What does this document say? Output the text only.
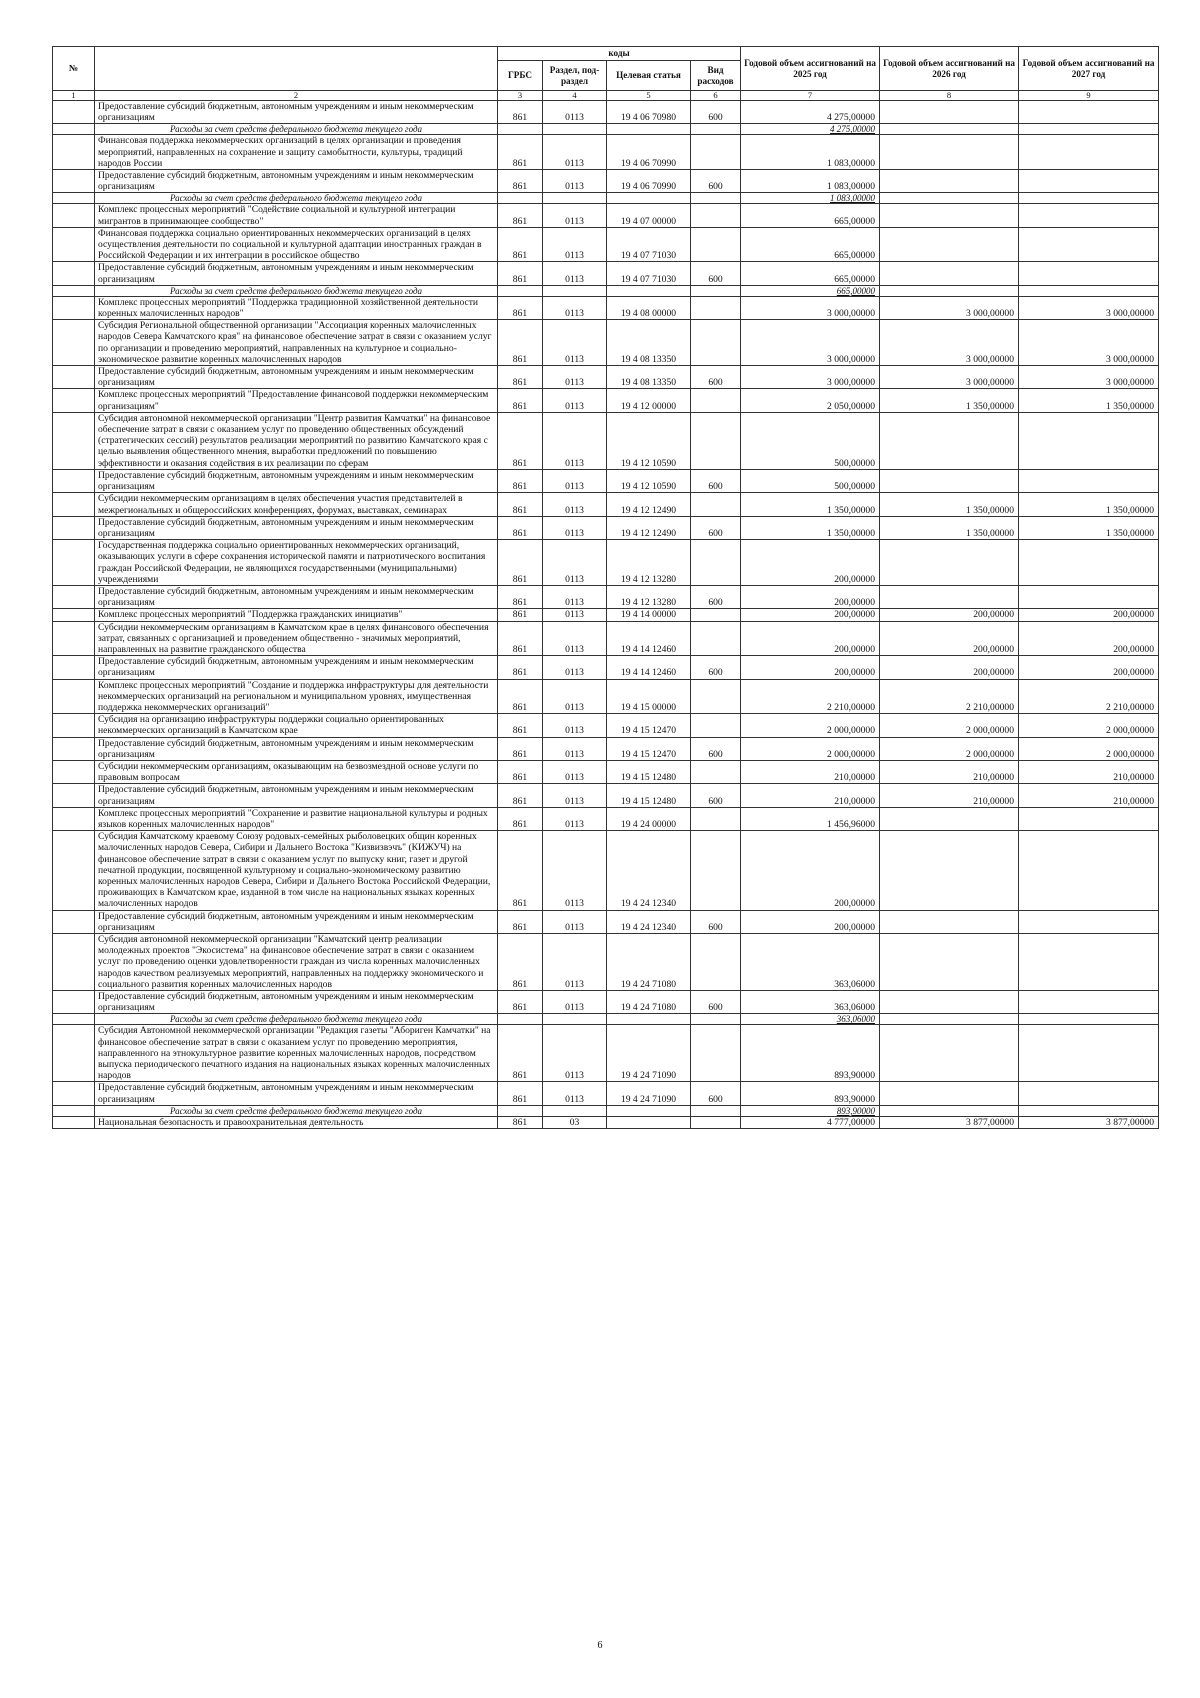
№		коды				Годовой объем ассигнований на 2025 год	Годовой объем ассигнований на 2026 год	Годовой объем ассигнований на 2027 год
		ГРБС	Раздел, под-раздел	Целевая статья	Вид расходов			
1	2	3	4	5	6	7	8	9
	Предоставление субсидий бюджетным, автономным учреждениям и иным некоммерческим организациям	861	0113	19 4 06 70980	600	4 275,00000		
	Расходы за счет средств федерального бюджета текущего года					4 275,00000		
	Финансовая поддержка некоммерческих организаций в целях организации и проведения мероприятий, направленных на сохранение и защиту самобытности, культуры, традиций народов России	861	0113	19 4 06 70990		1 083,00000		
	Предоставление субсидий бюджетным, автономным учреждениям и иным некоммерческим организациям	861	0113	19 4 06 70990	600	1 083,00000		
	Расходы за счет средств федерального бюджета текущего года					1 083,00000		
	Комплекс процессных мероприятий "Содействие социальной и культурной интеграции мигрантов в принимающее сообщество"	861	0113	19 4 07 00000		665,00000		
	Финансовая поддержка социально ориентированных некоммерческих организаций в целях осуществления деятельности по социальной и культурной адаптации иностранных граждан в Российской Федерации и их интеграции в российское общество	861	0113	19 4 07 71030		665,00000		
	Предоставление субсидий бюджетным, автономным учреждениям и иным некоммерческим организациям	861	0113	19 4 07 71030	600	665,00000		
	Расходы за счет средств федерального бюджета текущего года					665,00000		
	Комплекс процессных мероприятий "Поддержка традиционной хозяйственной деятельности коренных малочисленных народов"	861	0113	19 4 08 00000		3 000,00000	3 000,00000	3 000,00000
	Субсидия Региональной общественной организации "Ассоциация коренных малочисленных народов Севера Камчатского края" на финансовое обеспечение затрат в связи с оказанием услуг по организации и проведению мероприятий, направленных на культурное и социально-экономическое развитие коренных малочисленных народов	861	0113	19 4 08 13350		3 000,00000	3 000,00000	3 000,00000
	Предоставление субсидий бюджетным, автономным учреждениям и иным некоммерческим организациям	861	0113	19 4 08 13350	600	3 000,00000	3 000,00000	3 000,00000
	Комплекс процессных мероприятий "Предоставление финансовой поддержки некоммерческим организациям"	861	0113	19 4 12 00000		2 050,00000	1 350,00000	1 350,00000
	Субсидия автономной некоммерческой организации "Центр развития Камчатки" на финансовое обеспечение затрат в связи с оказанием услуг по проведению общественных обсуждений (стратегических сессий) результатов реализации мероприятий по развитию Камчатского края с целью выявления общественного мнения, выработки предложений по повышению эффективности и оказания содействия в их реализации по сферам	861	0113	19 4 12 10590		500,00000		
	Предоставление субсидий бюджетным, автономным учреждениям и иным некоммерческим организациям	861	0113	19 4 12 10590	600	500,00000		
	Субсидии некоммерческим организациям в целях обеспечения участия представителей в межрегиональных и общероссийских конференциях, форумах, выставках, семинарах	861	0113	19 4 12 12490		1 350,00000	1 350,00000	1 350,00000
	Предоставление субсидий бюджетным, автономным учреждениям и иным некоммерческим организациям	861	0113	19 4 12 12490	600	1 350,00000	1 350,00000	1 350,00000
	Государственная поддержка социально ориентированных некоммерческих организаций, оказывающих услуги в сфере сохранения исторической памяти и патриотического воспитания граждан Российской Федерации, не являющихся государственными (муниципальными) учреждениями	861	0113	19 4 12 13280		200,00000		
	Предоставление субсидий бюджетным, автономным учреждениям и иным некоммерческим организациям	861	0113	19 4 12 13280	600	200,00000		
	Комплекс процессных мероприятий "Поддержка гражданских инициатив"	861	0113	19 4 14 00000		200,00000	200,00000	200,00000
	Субсидии некоммерческим организациям в Камчатском крае в целях финансового обеспечения затрат, связанных с организацией и проведением общественно - значимых мероприятий, направленных на развитие гражданского общества	861	0113	19 4 14 12460		200,00000	200,00000	200,00000
	Предоставление субсидий бюджетным, автономным учреждениям и иным некоммерческим организациям	861	0113	19 4 14 12460	600	200,00000	200,00000	200,00000
	Комплекс процессных мероприятий "Создание и поддержка инфраструктуры для деятельности некоммерческих организаций на региональном и муниципальном уровнях, имущественная поддержка некоммерческих организаций"	861	0113	19 4 15 00000		2 210,00000	2 210,00000	2 210,00000
	Субсидия на организацию инфраструктуры поддержки социально ориентированных некоммерческих организаций в Камчатском крае	861	0113	19 4 15 12470		2 000,00000	2 000,00000	2 000,00000
	Предоставление субсидий бюджетным, автономным учреждениям и иным некоммерческим организациям	861	0113	19 4 15 12470	600	2 000,00000	2 000,00000	2 000,00000
	Субсидии некоммерческим организациям, оказывающим на безвозмездной основе услуги по правовым вопросам	861	0113	19 4 15 12480		210,00000	210,00000	210,00000
	Предоставление субсидий бюджетным, автономным учреждениям и иным некоммерческим организациям	861	0113	19 4 15 12480	600	210,00000	210,00000	210,00000
	Комплекс процессных мероприятий "Сохранение и развитие национальной культуры и родных языков коренных малочисленных народов"	861	0113	19 4 24 00000		1 456,96000		
	Субсидия Камчатскому краевому Союзу родовых-семейных рыболовецких общин коренных малочисленных народов Севера, Сибири и Дальнего Востока "Кизвизвэчъ" (КИЖУЧ) на финансовое обеспечение затрат в связи с оказанием услуг по выпуску книг, газет и другой печатной продукции, посвященной культурному и социально-экономическому развитию коренных малочисленных народов Севера, Сибири и Дальнего Востока Российской Федерации, проживающих в Камчатском крае, изданной в том числе на национальных языках коренных малочисленных народов	861	0113	19 4 24 12340		200,00000		
	Предоставление субсидий бюджетным, автономным учреждениям и иным некоммерческим организациям	861	0113	19 4 24 12340	600	200,00000		
	Субсидия автономной некоммерческой организации "Камчатский центр реализации молодежных проектов "Экосистема" на финансовое обеспечение затрат в связи с оказанием услуг по проведению оценки удовлетворенности граждан из числа коренных малочисленных народов качеством реализуемых мероприятий, направленных на поддержку экономического и социального развития коренных малочисленных народов	861	0113	19 4 24 71080		363,06000		
	Предоставление субсидий бюджетным, автономным учреждениям и иным некоммерческим организациям	861	0113	19 4 24 71080	600	363,06000		
	Расходы за счет средств федерального бюджета текущего года					363,06000		
	Субсидия Автономной некоммерческой организации "Редакция газеты "Абориген Камчатки" на финансовое обеспечение затрат в связи с оказанием услуг по проведению мероприятия, направленного на этнокультурное развитие коренных малочисленных народов, посредством выпуска периодического печатного издания на национальных языках коренных малочисленных народов	861	0113	19 4 24 71090		893,90000		
	Предоставление субсидий бюджетным, автономным учреждениям и иным некоммерческим организациям	861	0113	19 4 24 71090	600	893,90000		
	Расходы за счет средств федерального бюджета текущего года					893,90000		
	Национальная безопасность и правоохранительная деятельность	861	03			4 777,00000	3 877,00000	3 877,00000
6
